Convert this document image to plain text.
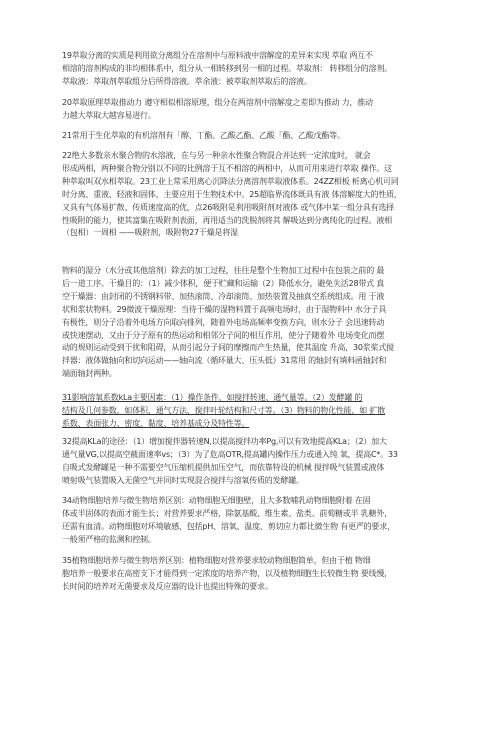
19萃取分离的实质是利用欲分离组分在溶剂中与原料液中溶解度的差异来实现 萃取 两互不
相溶的溶剂构成的非均相体系中，组分从一相转移到另一相的过程。萃取剂： 转移组分的溶剂。
萃取液：萃取剂萃取组分后所得溶液。萃余液：被萃取剂萃取后的溶液。
20萃取原理萃取推动力 遵守相似相溶原理，组分在两溶剂中溶解度之差即为推动 力，推动
力越大萃取大越容易进行。
21常用于生化萃取的有机溶剂有「醇、丁酯、乙酸乙酯、乙酸「酯、乙酸戊酯等。
22绝大多数亲水聚合物的水溶液，在与另一种亲水性聚合物混合并达到一定浓度时， 就会
形成两相，两种聚合物分别以不同的比例溶于互不相溶的两相中，从而可用来进行萃取 操作。这
种萃取叫双水相萃取。23工业上常采用离心沉降法分离溶剂萃取液体系。24ZZ相板 析离心机可同
时分离、重液、轻液和固体，主要应用于生物技术中。25超临界流体既具有液 体溶解度大的性质，
又具有气体易扩散、传质速度高的优，点26吸附是利用吸附剂对液体 或气体中某一组分具有选择
性吸附的能力，使其富集在吸附剂表面，再用适当的洗脱剂将其 解吸达到分离纯化的过程。液相
（包相）一周相 ——吸附剂，吸附物27干燥是将湿
物料的湿分（水分或其他溶剂）除去的加工过程，往往是整个生物加工过程中在包装之前的 最
后一道工序。干燥目的：（1）减少体积，便于贮藏和运输（2）降低水分，避免失活28带式 真
空干燥器：由封闭的不锈钢料带、加热滚筒、冷却滚筒、加热装置及抽真空系统组成。用 于液
状和浆状物料。29微波干燥原理：当待干燥的湿物料置于高频电场时，由于湿物料中 水分子具
有极性，则分子沿着外电场方向取向排列，随着外电场高频率变换方向，则水分子 会迅速转动
或快速摆动，又由于分子原有的热运动和相邻分子间的相互作用，使分子随着外 电场变化而摆
动的规则运动受到干扰和阻碍，从而引起分子间的摩擦而产生热量，使其温度 升高，30浆桨式搅
拌器：液体做轴向和切向运动——轴向流（循环量大、压头低）31常用 的轴封有填料函轴封和
端面轴封两种。
31影响溶氧系数kLa主要因素：（1）操作条件，如搅拌转速、通气量等。（2）发酵罐 的
结构及几何参数，如体积、通气方法、搅拌叶轮结构和尺寸等。（3）物料的物化性能，如 扩散
系数、表面张力、密度、黏度、培养基成分及特性等。
32提高KLa的途径：（1）增加搅拌器转速N,以提高搅拌功率Pg,可以有效地提高KLa；（2）加大
通气量VG,以提高空截面速率vs；（3）为了危高OTR,提高罐内操作压力或通入纯 氧，提高C*。33
自吸式发酵罐是一种不需要空气压缩机提供加压空气，而依靠特设的机械 搅拌吸气装置或液体
喷射吸气装置吸入无菌空气并同时实现混合搅拌与溶氧传质的发酵罐。
34动物细胞培养与微生物培养区别：动物细胞无细胞壁，且大多数哺乳动物细胞附着 在固
体或半固体的表面才能生长；对营养要求严格，除氨基酸、维生素、盐类、前萄糖或半 乳糖外，
还需有血清。动物细胞对环境敏感，包括pH、溶氧、温度、剪切应力都比微生物 有更严的要求，
一般须严格的监测和控制。
35植物细胞培养与微生物培养区别：植物细胞对营养要求较动物细胞简单，但由于植 物细
胞培养一般要求在高密支下才能得到一定浓度的培养产物，以及植物细胞生长较微生物 要线慢，
长时间的培养对无菌要求及反应器的设计也提出特殊的要求。
